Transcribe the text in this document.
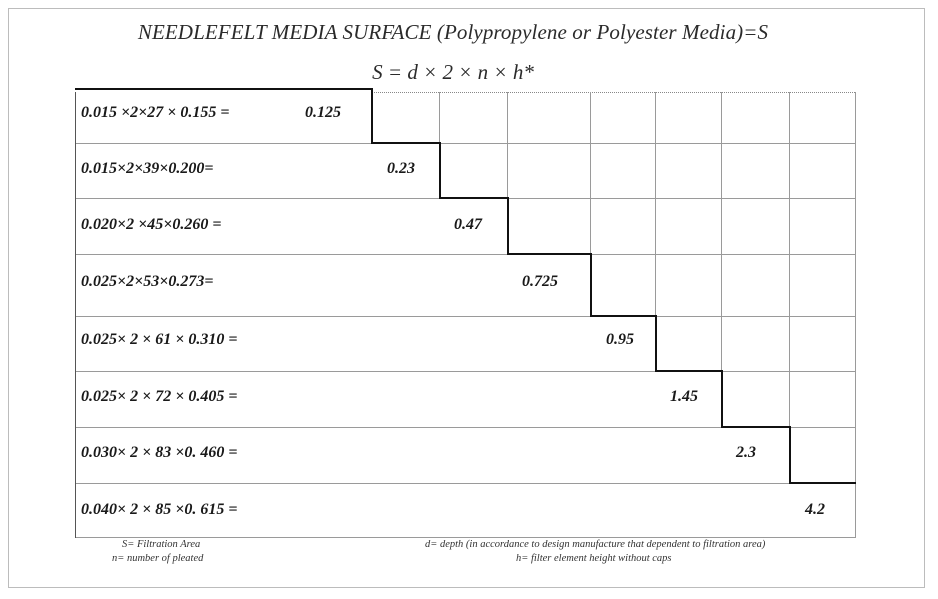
NEEDLEFELT MEDIA SURFACE (Polypropylene or Polyester Media)=S
S = d × 2 × n × h*
0.015 ×2×27 × 0.155 =
0.015×2×39×0.200=
0.020×2 ×45×0.260 =
0.025×2×53×0.273=
0.025× 2 × 61 × 0.310 =
0.025× 2 × 72 × 0.405 =
0.030× 2 × 83 ×0. 460 =
0.040× 2 × 85 ×0. 615 =
0.125
0.23
0.47
0.725
0.95
1.45
2.3
4.2
S= Filtration Area
n= number of pleated
d= depth (in accordance to design manufacture that dependent to filtration area)
h= filter element height without caps
